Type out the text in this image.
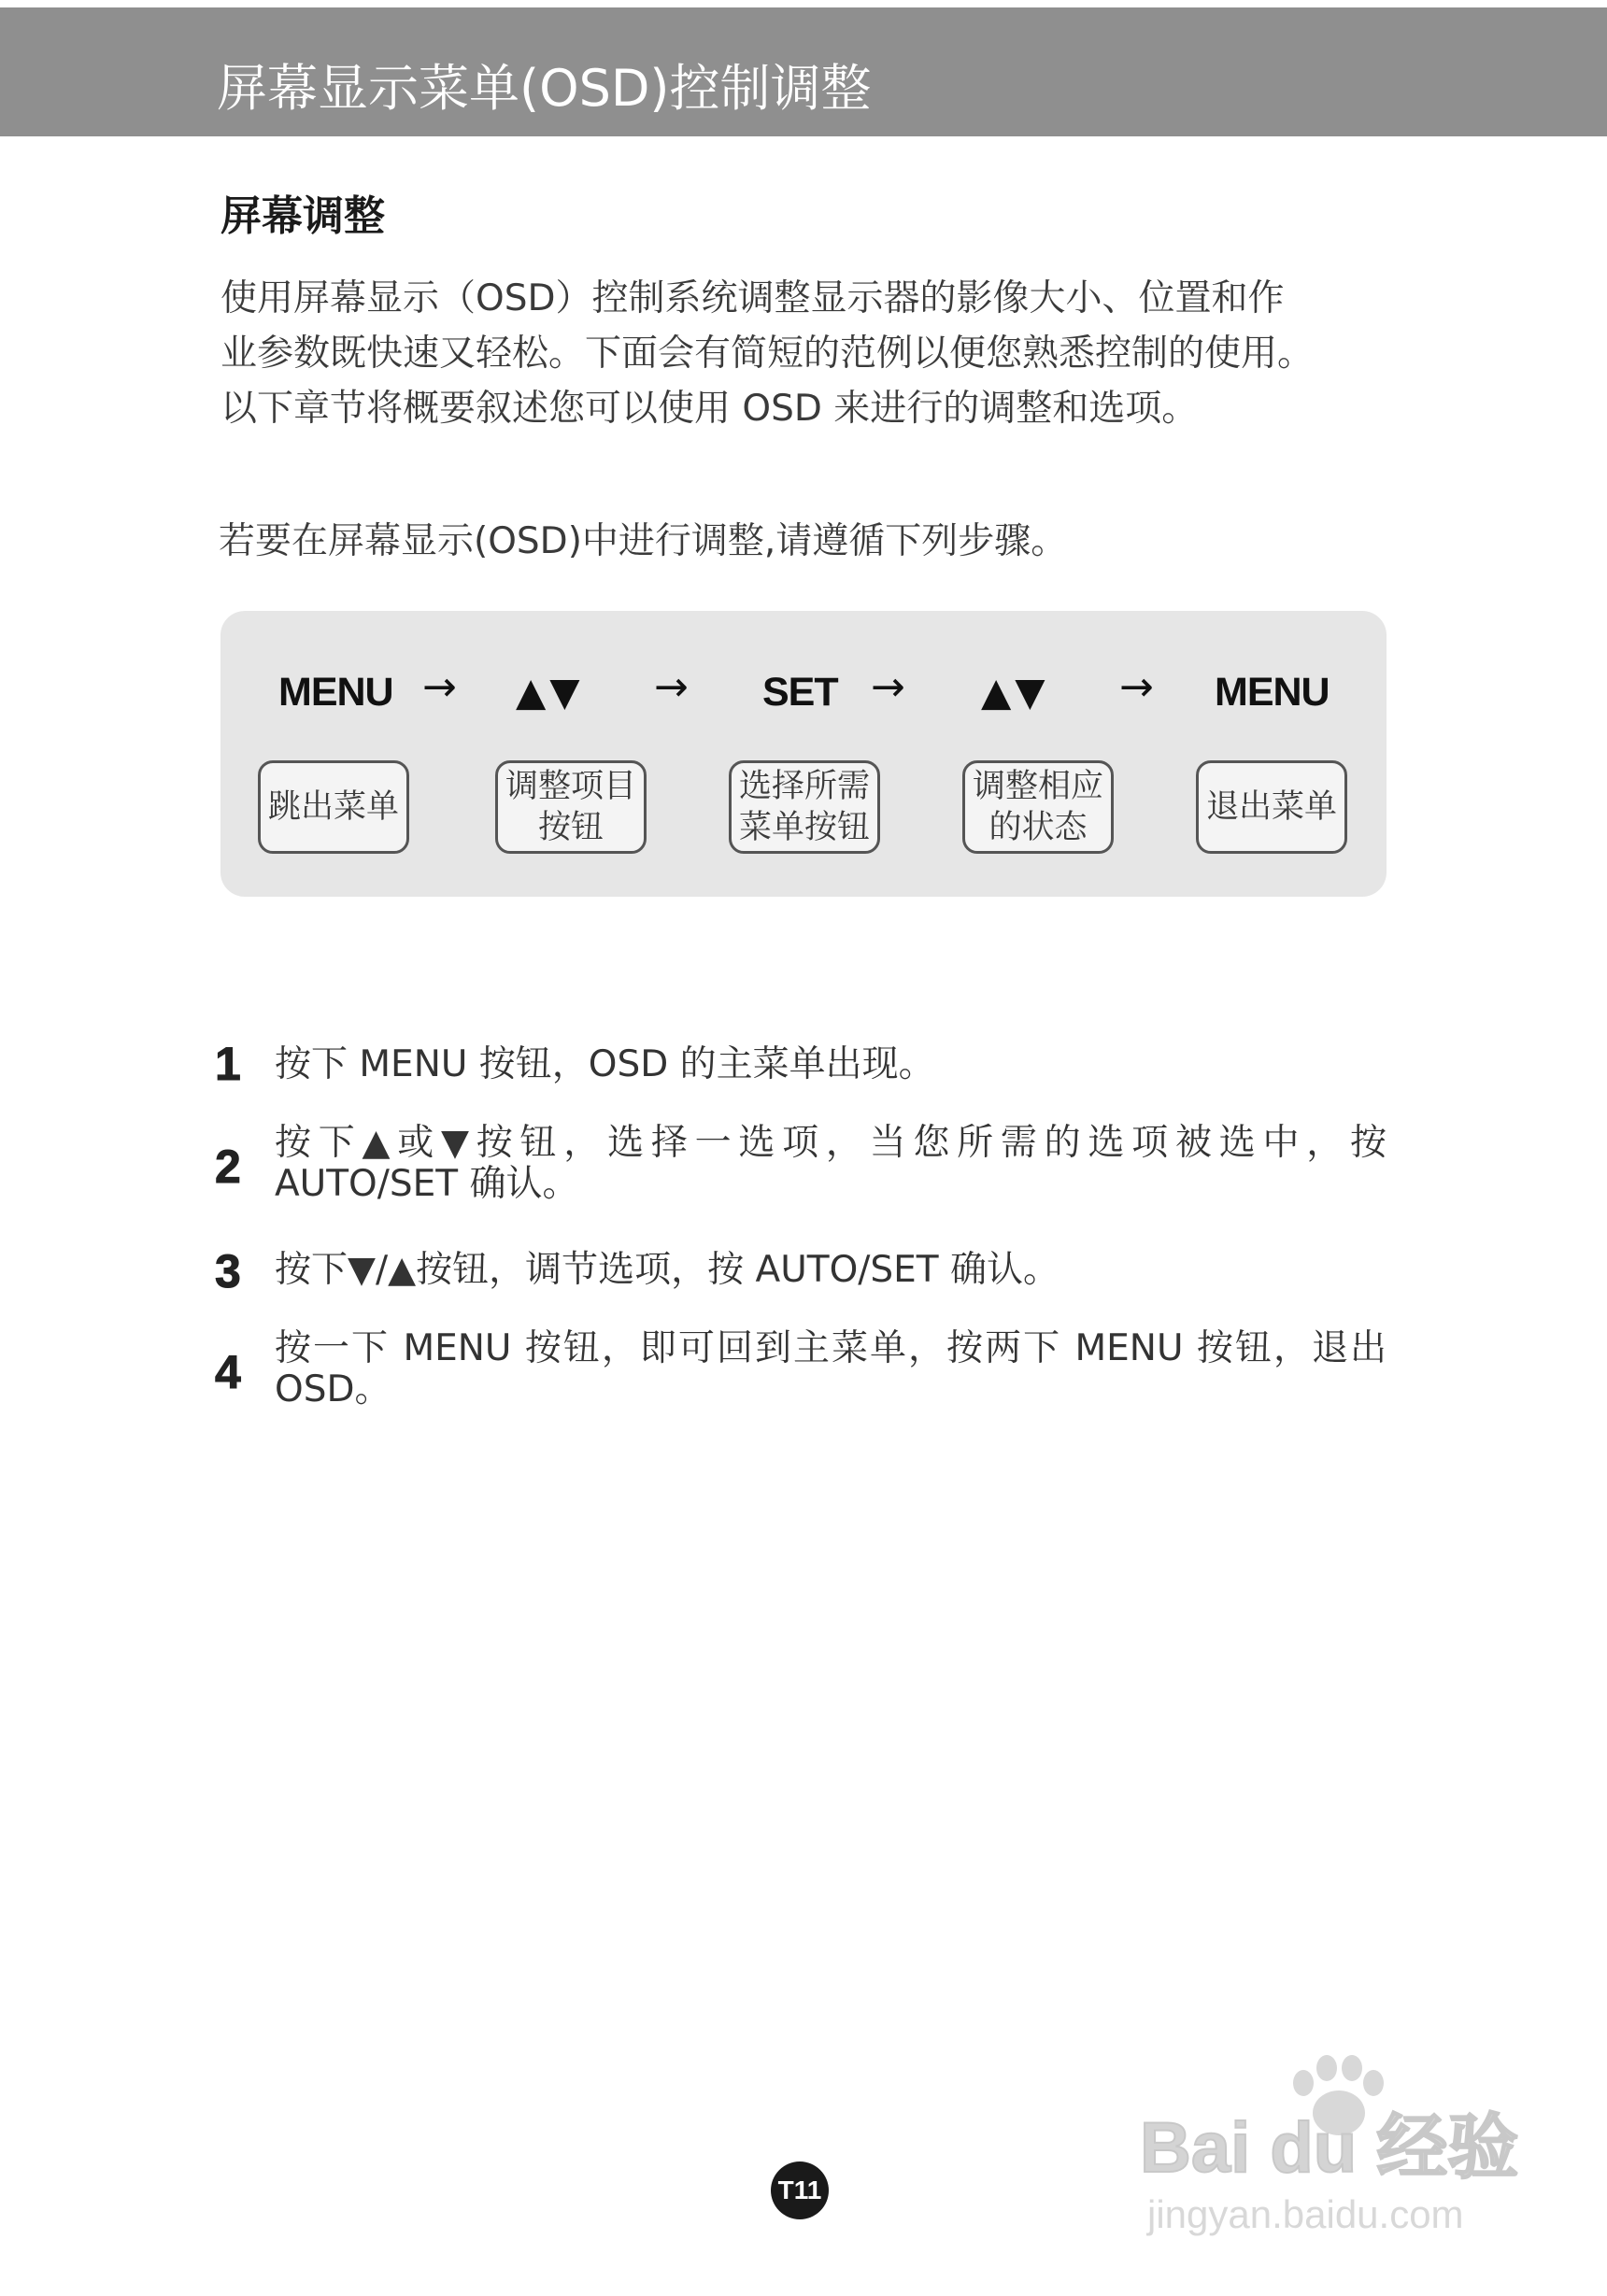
屏幕显示菜单(OSD)控制调整
屏幕调整

使用屏幕显示（OSD）控制系统调整显示器的影像大小、位置和作

业参数既快速又轻松。下面会有简短的范例以便您熟悉控制的使用。

以下章节将概要叙述您可以使用 OSD 来进行的调整和选项。

若要在屏幕显示(OSD)中进行调整,请遵循下列步骤。
MENU → ▲▼ → SET → ▲▼ → MENU
跳出菜单
调整项目按钮
选择所需菜单按钮
调整相应的状态
退出菜单
1 按下 MENU 按钮，OSD 的主菜单出现。
2 按下▲或▼按钮，选择一选项，当您所需的选项被选中，按 AUTO/SET 确认。
3 按下▼/▲按钮，调节选项，按 AUTO/SET 确认。
4 按一下 MENU 按钮，即可回到主菜单，按两下 MENU 按钮，退出 OSD。
T11
Bai du 经验
jingyan.baidu.com
